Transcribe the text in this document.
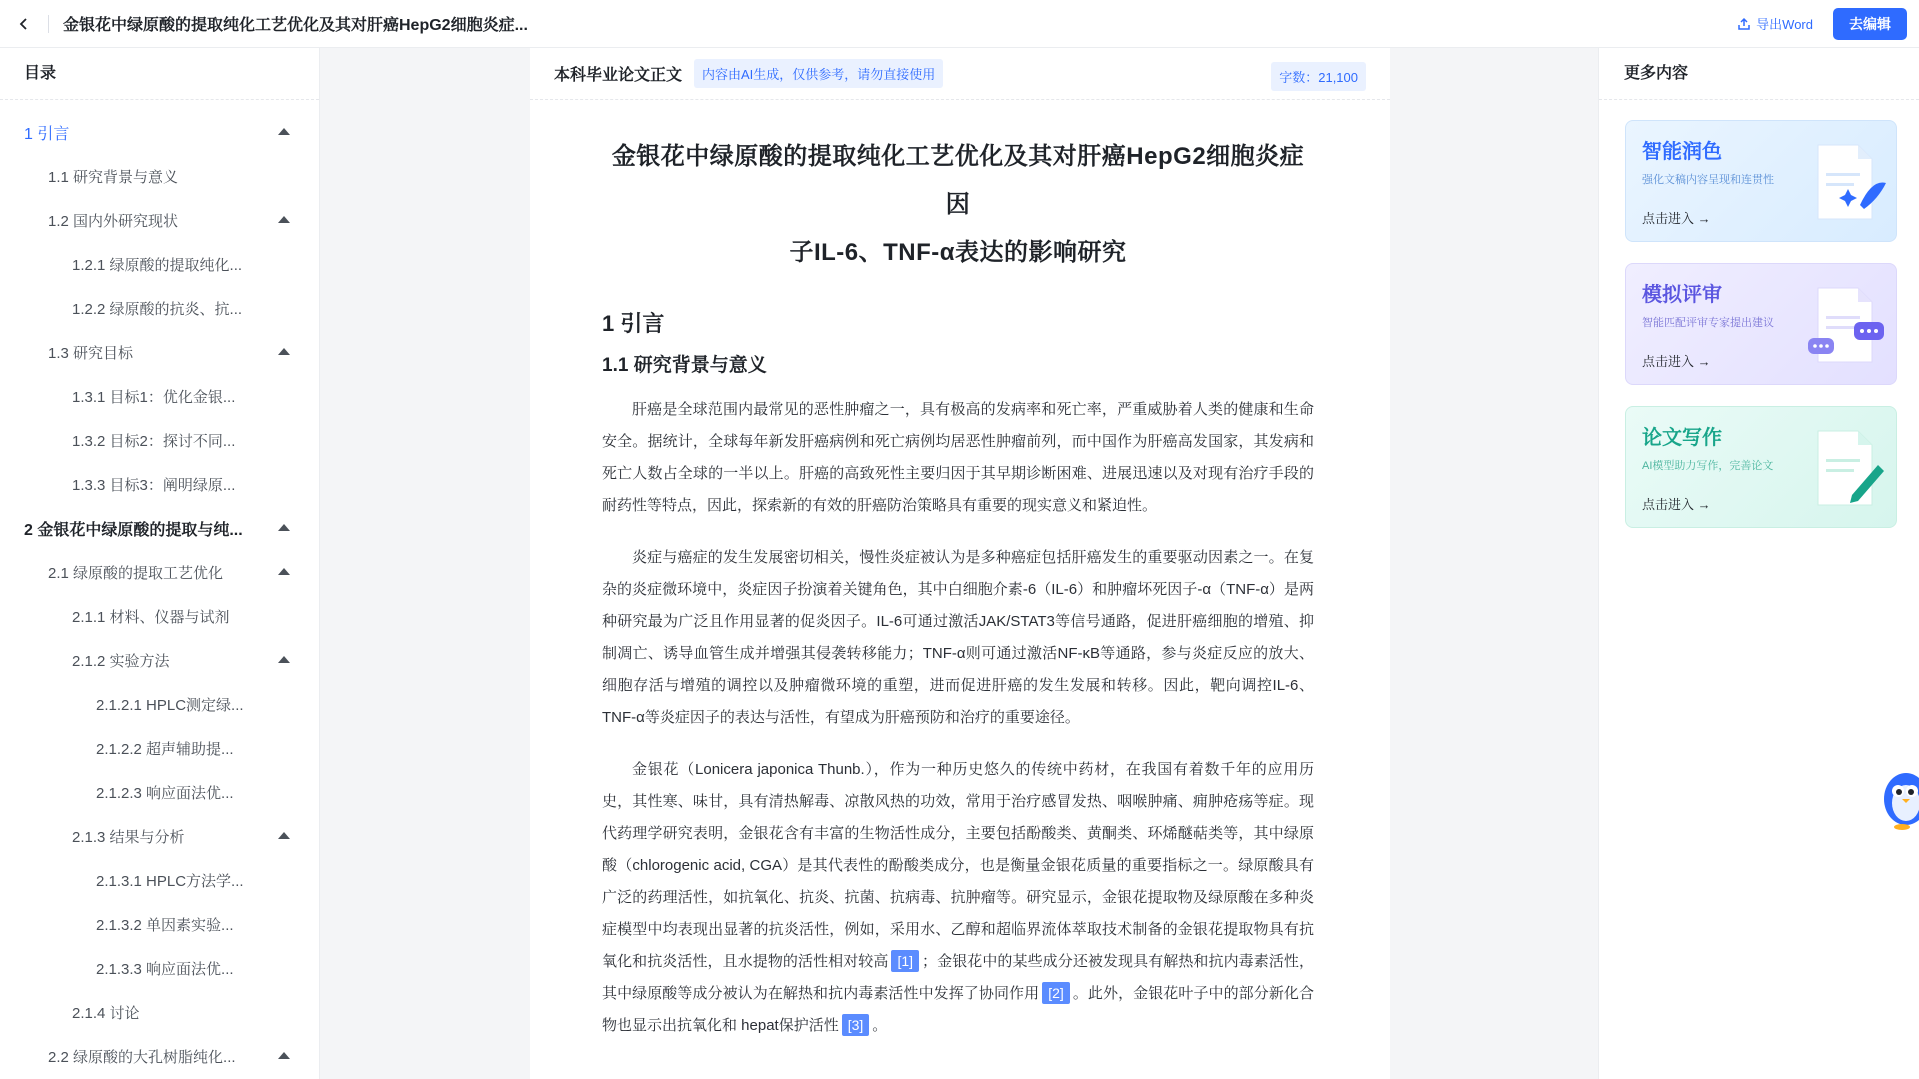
金银花中绿原酸的提取纯化工艺优化及其对肝癌HepG2细胞炎症...	导出Word	去编辑
目录
1 引言
1.1 研究背景与意义
1.2 国内外研究现状
1.2.1 绿原酸的提取纯化...
1.2.2 绿原酸的抗炎、抗...
1.3 研究目标
1.3.1 目标1：优化金银...
1.3.2 目标2：探讨不同...
1.3.3 目标3：阐明绿原...
2 金银花中绿原酸的提取与纯...
2.1 绿原酸的提取工艺优化
2.1.1 材料、仪器与试剂
2.1.2 实验方法
2.1.2.1 HPLC测定绿...
2.1.2.2 超声辅助提...
2.1.2.3 响应面法优...
2.1.3 结果与分析
2.1.3.1 HPLC方法学...
2.1.3.2 单因素实验...
2.1.3.3 响应面法优...
2.1.4 讨论
2.2 绿原酸的大孔树脂纯化...
本科毕业论文正文	内容由AI生成，仅供参考，请勿直接使用	字数：21,100
金银花中绿原酸的提取纯化工艺优化及其对肝癌HepG2细胞炎症因
子IL-6、TNF-α表达的影响研究
1 引言
1.1 研究背景与意义

肝癌是全球范围内最常见的恶性肿瘤之一，具有极高的发病率和死亡率，严重威胁着人类的健康和生命安全。据统计，全球每年新发肝癌病例和死亡病例均居恶性肿瘤前列，而中国作为肝癌高发国家，其发病和死亡人数占全球的一半以上。肝癌的高致死性主要归因于其早期诊断困难、进展迅速以及对现有治疗手段的耐药性等特点，因此，探索新的有效的肝癌防治策略具有重要的现实意义和紧迫性。

炎症与癌症的发生发展密切相关，慢性炎症被认为是多种癌症包括肝癌发生的重要驱动因素之一。在复杂的炎症微环境中，炎症因子扮演着关键角色，其中白细胞介素-6（IL-6）和肿瘤坏死因子-α（TNF-α）是两种研究最为广泛且作用显著的促炎因子。IL-6可通过激活JAK/STAT3等信号通路，促进肝癌细胞的增殖、抑制凋亡、诱导血管生成并增强其侵袭转移能力；TNF-α则可通过激活NF-κB等通路，参与炎症反应的放大、细胞存活与增殖的调控以及肿瘤微环境的重塑，进而促进肝癌的发生发展和转移。因此，靶向调控IL-6、TNF-α等炎症因子的表达与活性，有望成为肝癌预防和治疗的重要途径。

金银花（Lonicera japonica Thunb.），作为一种历史悠久的传统中药材，在我国有着数千年的应用历史，其性寒、味甘，具有清热解毒、凉散风热的功效，常用于治疗感冒发热、咽喉肿痛、痈肿疮疡等症。现代药理学研究表明，金银花含有丰富的生物活性成分，主要包括酚酸类、黄酮类、环烯醚萜类等，其中绿原酸（chlorogenic acid, CGA）是其代表性的酚酸类成分，也是衡量金银花质量的重要指标之一。绿原酸具有广泛的药理活性，如抗氧化、抗炎、抗菌、抗病毒、抗肿瘤等。研究显示，金银花提取物及绿原酸在多种炎症模型中均表现出显著的抗炎活性，例如，采用水、乙醇和超临界流体萃取技术制备的金银花提取物具有抗氧化和抗炎活性，且水提物的活性相对较高 [1] ；金银花中的某些成分还被发现具有解热和抗内毒素活性，其中绿原酸等成分被认为在解热和抗内毒素活性中发挥了协同作用 [2] 。此外，金银花叶子中的部分新化合物也显示出抗氧化和 hepat保护活性 [3] 。

更多内容
智能润色
强化文稿内容呈现和连贯性
点击进入 →
模拟评审
智能匹配评审专家提出建议
点击进入 →
论文写作
AI模型助力写作，完善论文
点击进入 →
